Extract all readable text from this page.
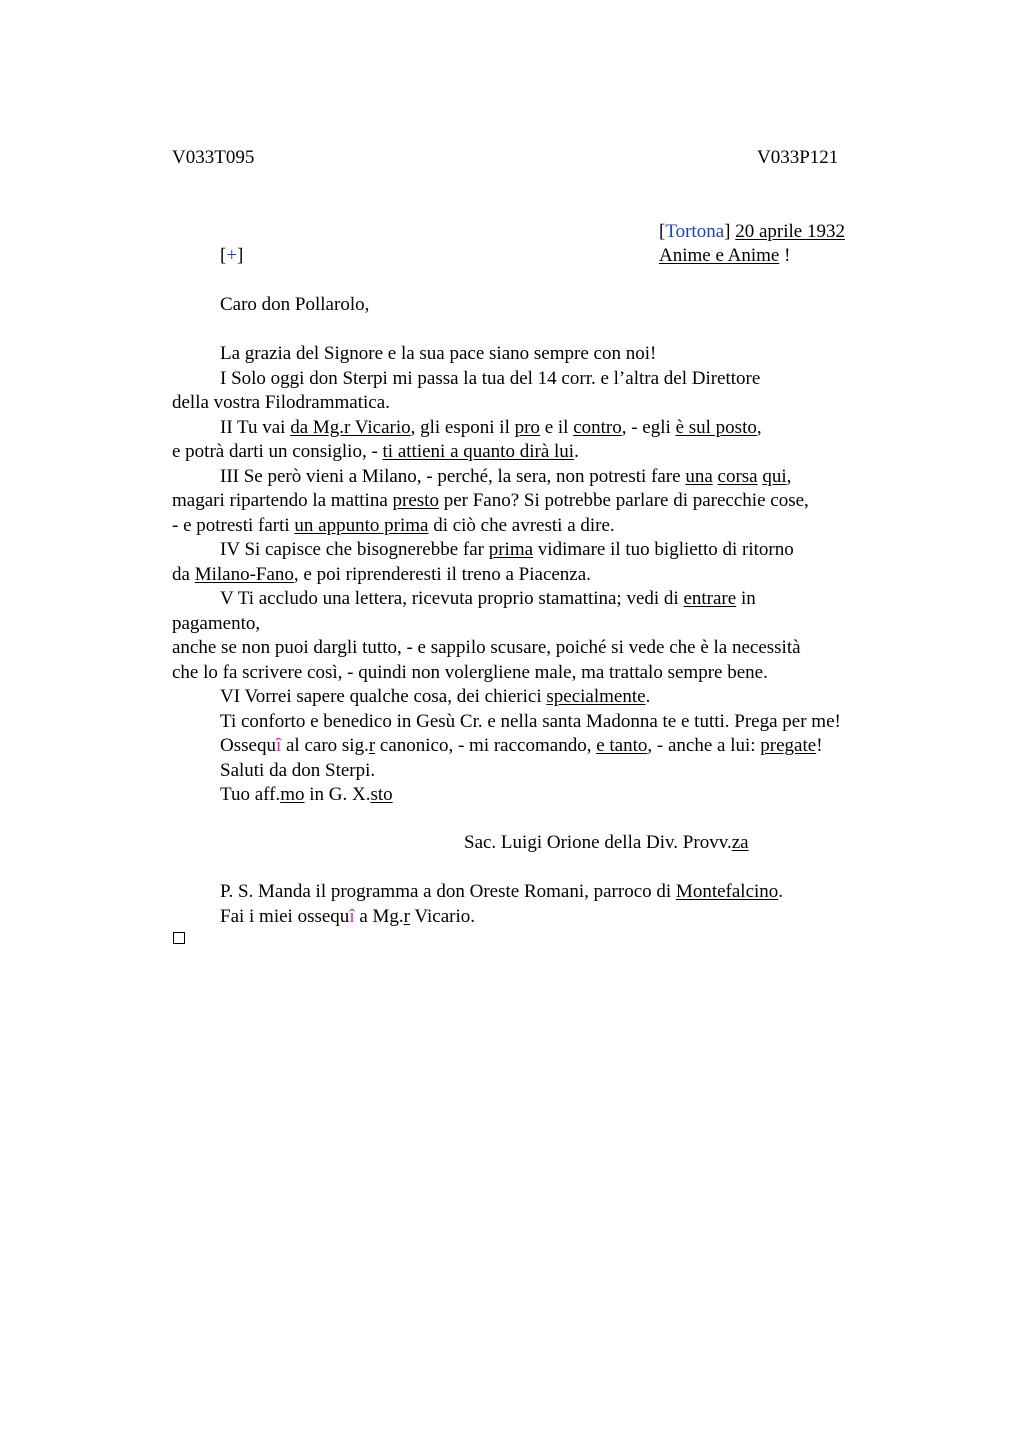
V033T095	V033P121
[Tortona] 20 aprile 1932
Anime e Anime !
[+]
Caro don Pollarolo,
La grazia del Signore e la sua pace siano sempre con noi!
I Solo oggi don Sterpi mi passa la tua del 14 corr. e l’altra del Direttore
della vostra Filodrammatica.
II Tu vai da Mg.r Vicario, gli esponi il pro e il contro, - egli è sul posto,
e potrà darti un consiglio, - ti attieni a quanto dirà lui.
III Se però vieni a Milano, - perché, la sera, non potresti fare una corsa qui,
magari ripartendo la mattina presto per Fano? Si potrebbe parlare di parecchie cose,
- e potresti farti un appunto prima di ciò che avresti a dire.
IV Si capisce che bisognerebbe far prima vidimare il tuo biglietto di ritorno
da Milano-Fano, e poi riprenderesti il treno a Piacenza.
V Ti accludo una lettera, ricevuta proprio stamattina; vedi di entrare in
pagamento,
anche se non puoi dargli tutto, - e sappilo scusare, poiché si vede che è la necessità
che lo fa scrivere così, - quindi non volergliene male, ma trattalo sempre bene.
VI Vorrei sapere qualche cosa, dei chierici specialmente.
Ti conforto e benedico in Gesù Cr. e nella santa Madonna te e tutti. Prega per me!
Ossequî al caro sig.r canonico, - mi raccomando, e tanto, - anche a lui: pregate!
Saluti da don Sterpi.
Tuo aff.mo in G. X.sto
Sac. Luigi Orione della Div. Provv.za
P. S. Manda il programma a don Oreste Romani, parroco di Montefalcino.
Fai i miei ossequî a Mg.r Vicario.
